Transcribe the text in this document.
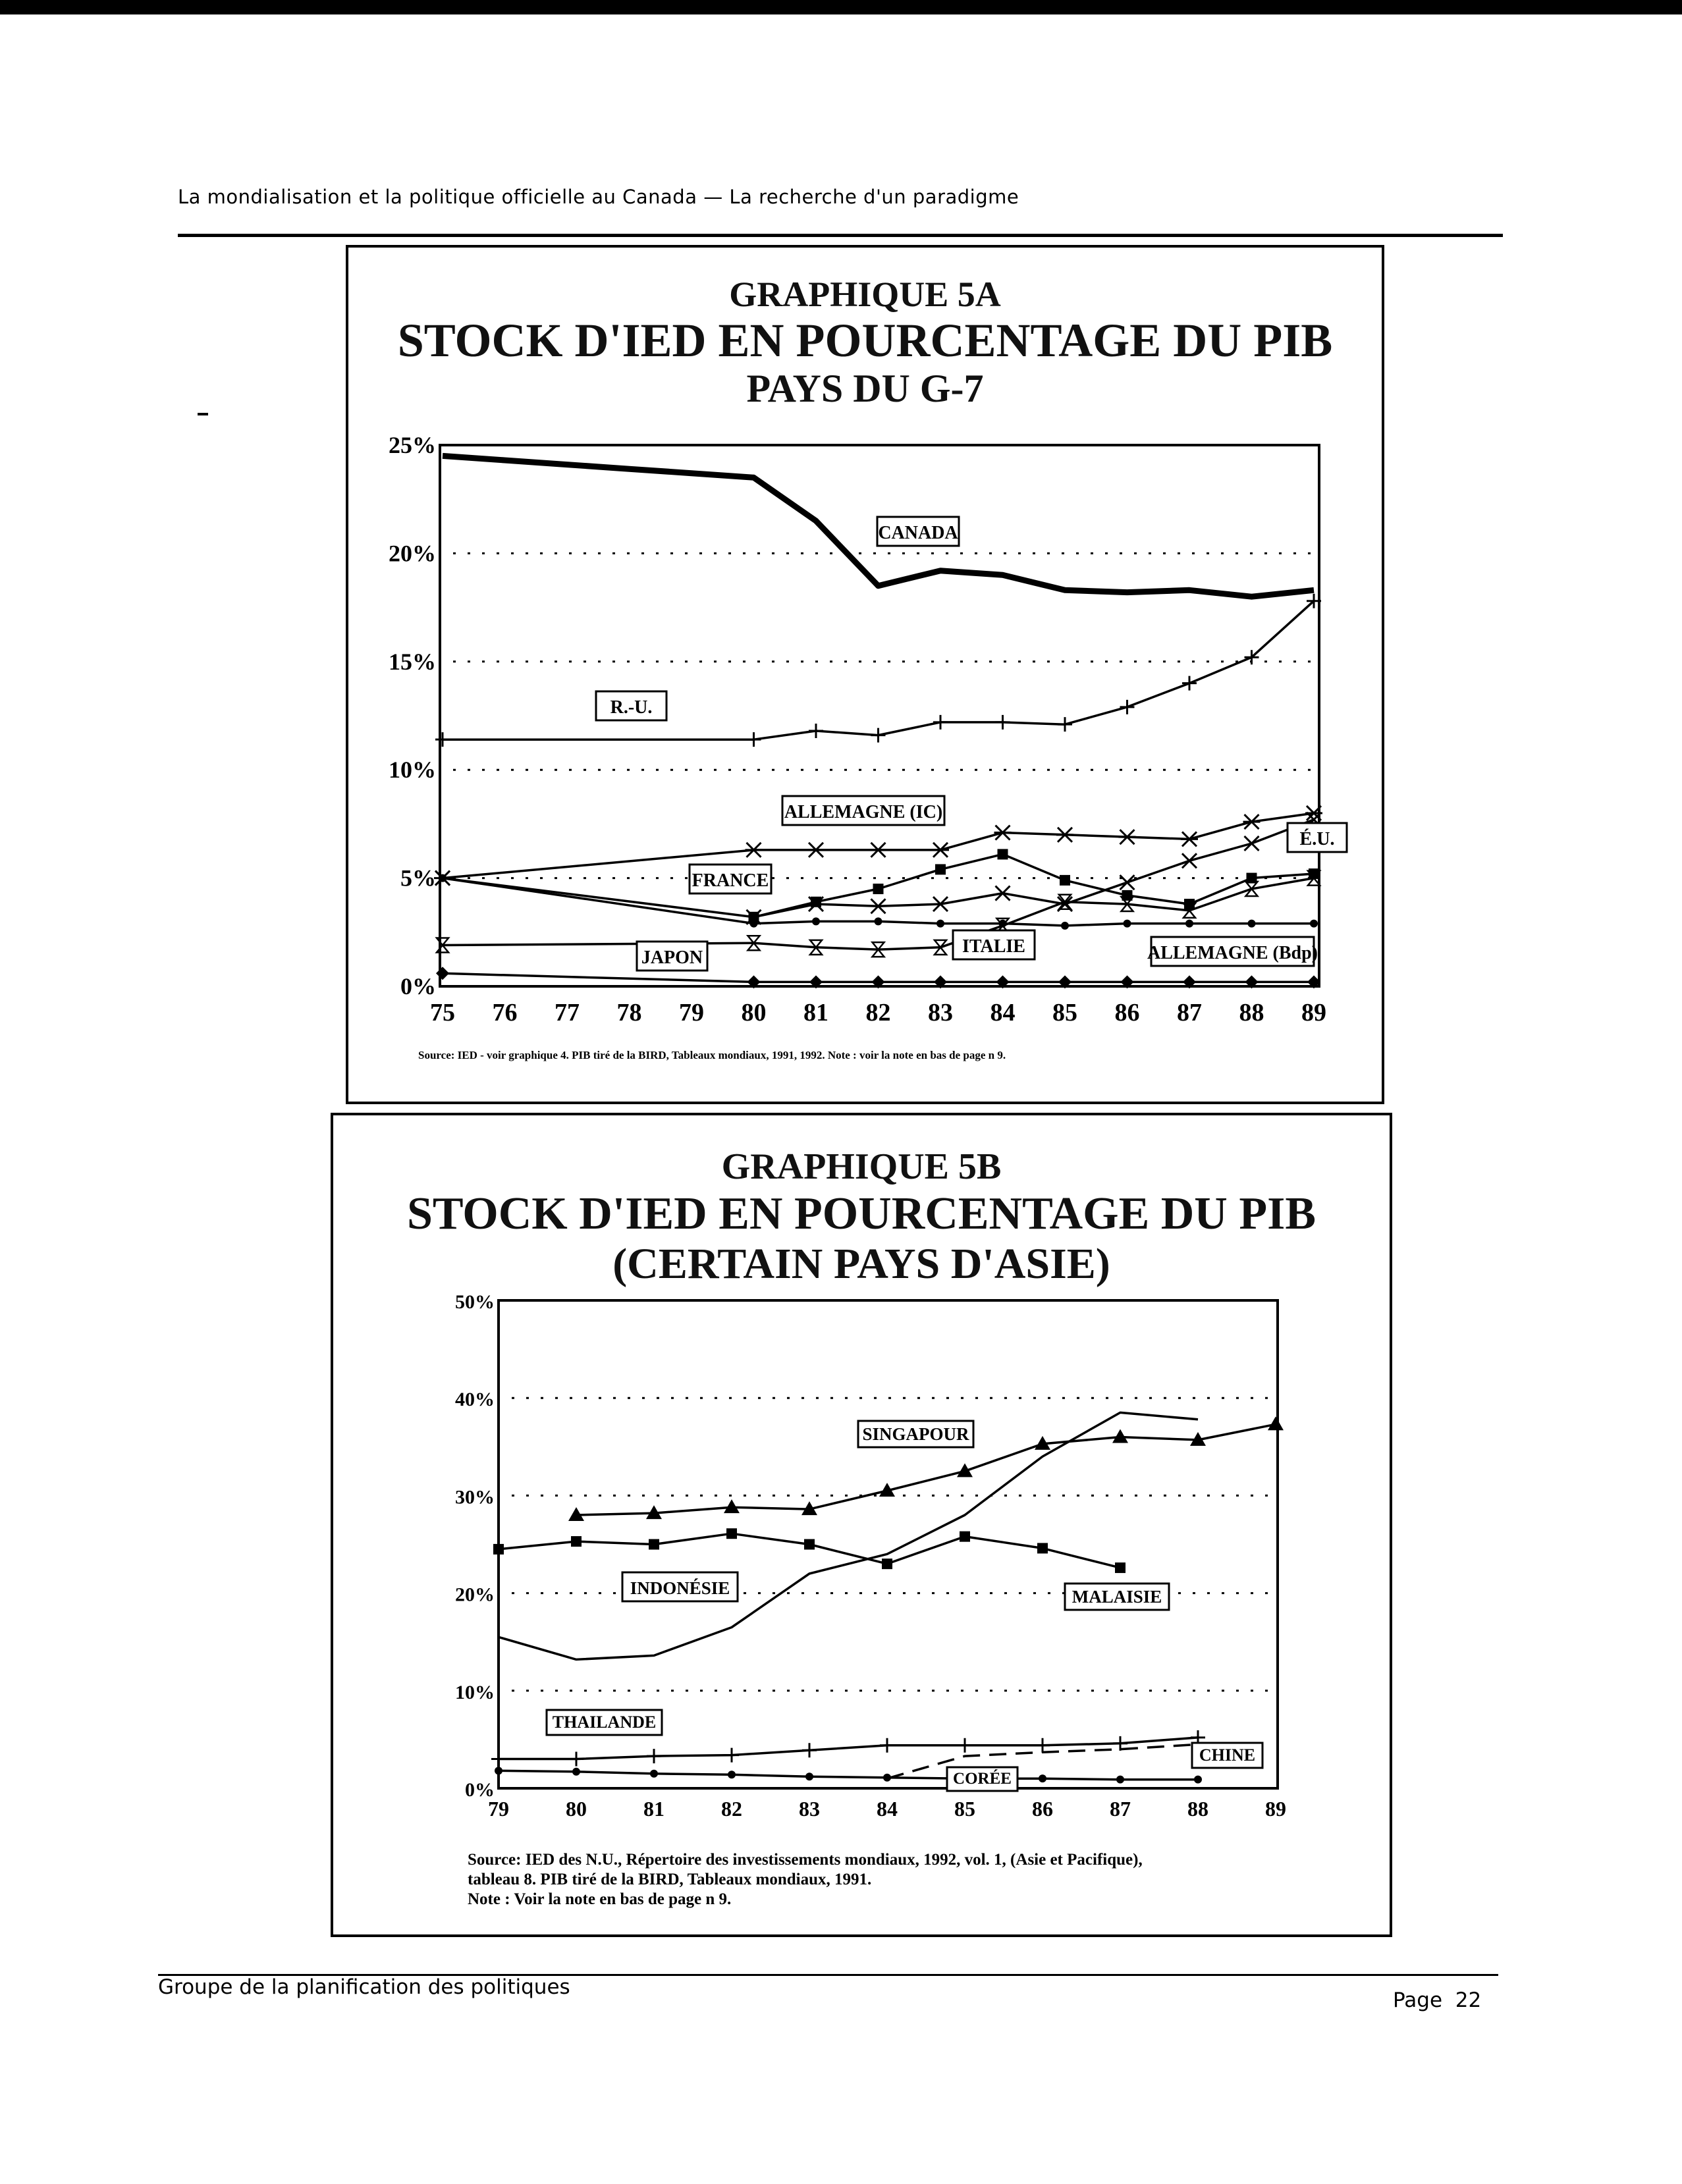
La mondialisation et la politique officielle au Canada — La recherche d'un paradigme
GRAPHIQUE 5A
STOCK D'IED EN POURCENTAGE DU PIB
PAYS DU G-7
0%
5%
10%
15%
20%
25%
75 76 77 78 79 80 81 82 83 84 85 86 87 88 89
CANADA
R.-U.
ALLEMAGNE (IC)
É.U.
FRANCE
ITALIE	ALLEMAGNE (Bdp)
JAPON
Source: IED - voir graphique 4. PIB tiré de la BIRD, Tableaux mondiaux, 1991, 1992. Note : voir la note en bas de page n 9.
GRAPHIQUE 5B
STOCK D'IED EN POURCENTAGE DU PIB
(CERTAIN PAYS D'ASIE)
0%
10%
20%
30%
40%
50%
79	80	81	82	83	84	85	86	87	88	89
SINGAPOUR
INDONÉSIE	MALAISIE
THAILANDE
CHINE
CORÉE
Source: IED des N.U., Répertoire des investissements mondiaux, 1992, vol. 1, (Asie et Pacifique),
tableau 8. PIB tiré de la BIRD, Tableaux mondiaux, 1991.
Note : Voir la note en bas de page n 9.
Groupe de la planification des politiques
Page 22
